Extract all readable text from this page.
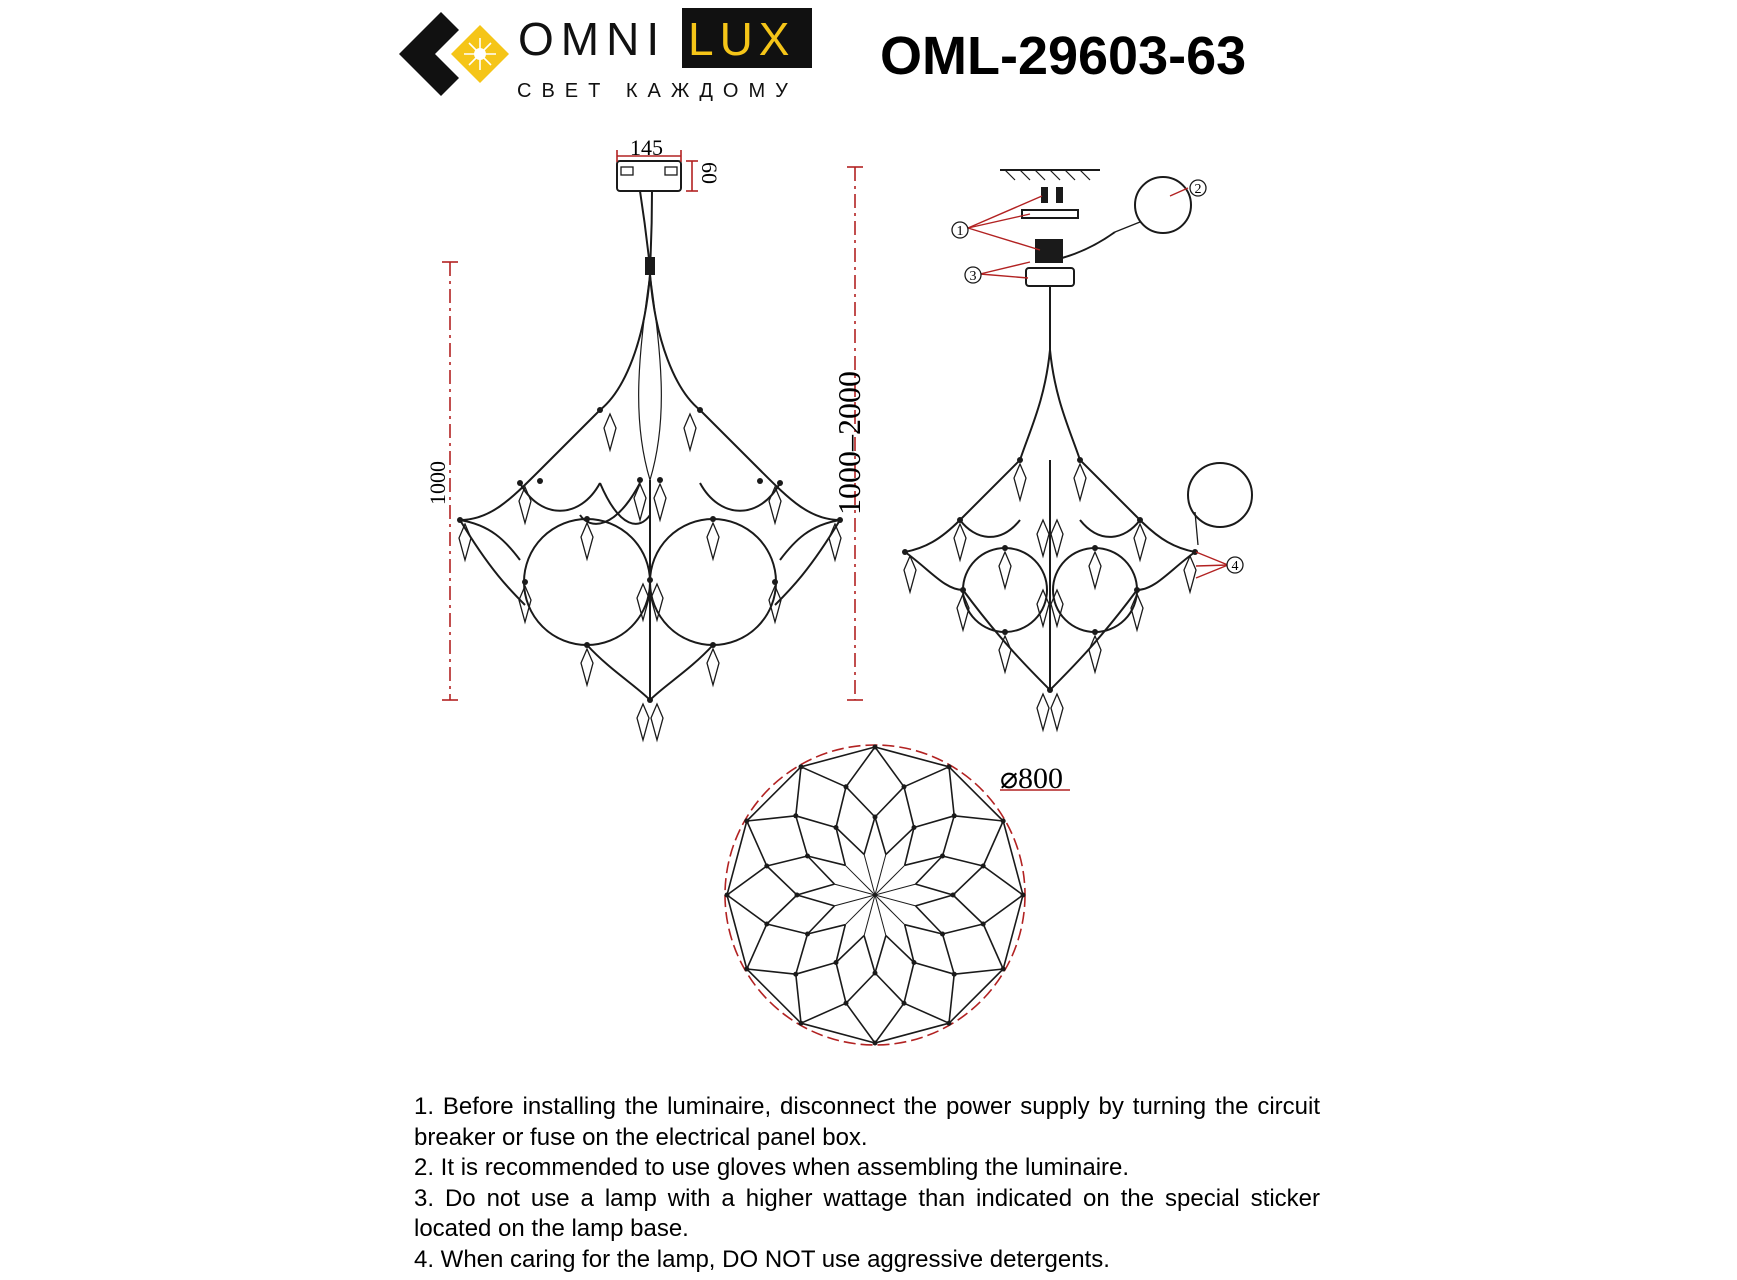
OMNI LUX
СВЕТ КАЖДОМУ
OML-29603-63
145
60
1000	1000–2000
1
2
3
4
⌀800

1. Before installing the luminaire, disconnect the power supply by turning the circuit breaker or fuse on the electrical panel box.

2. It is recommended to use gloves when assembling the luminaire.

3. Do not use a lamp with a higher wattage than indicated on the special sticker located on the lamp base.

4. When caring for the lamp, DO NOT use aggressive detergents.
